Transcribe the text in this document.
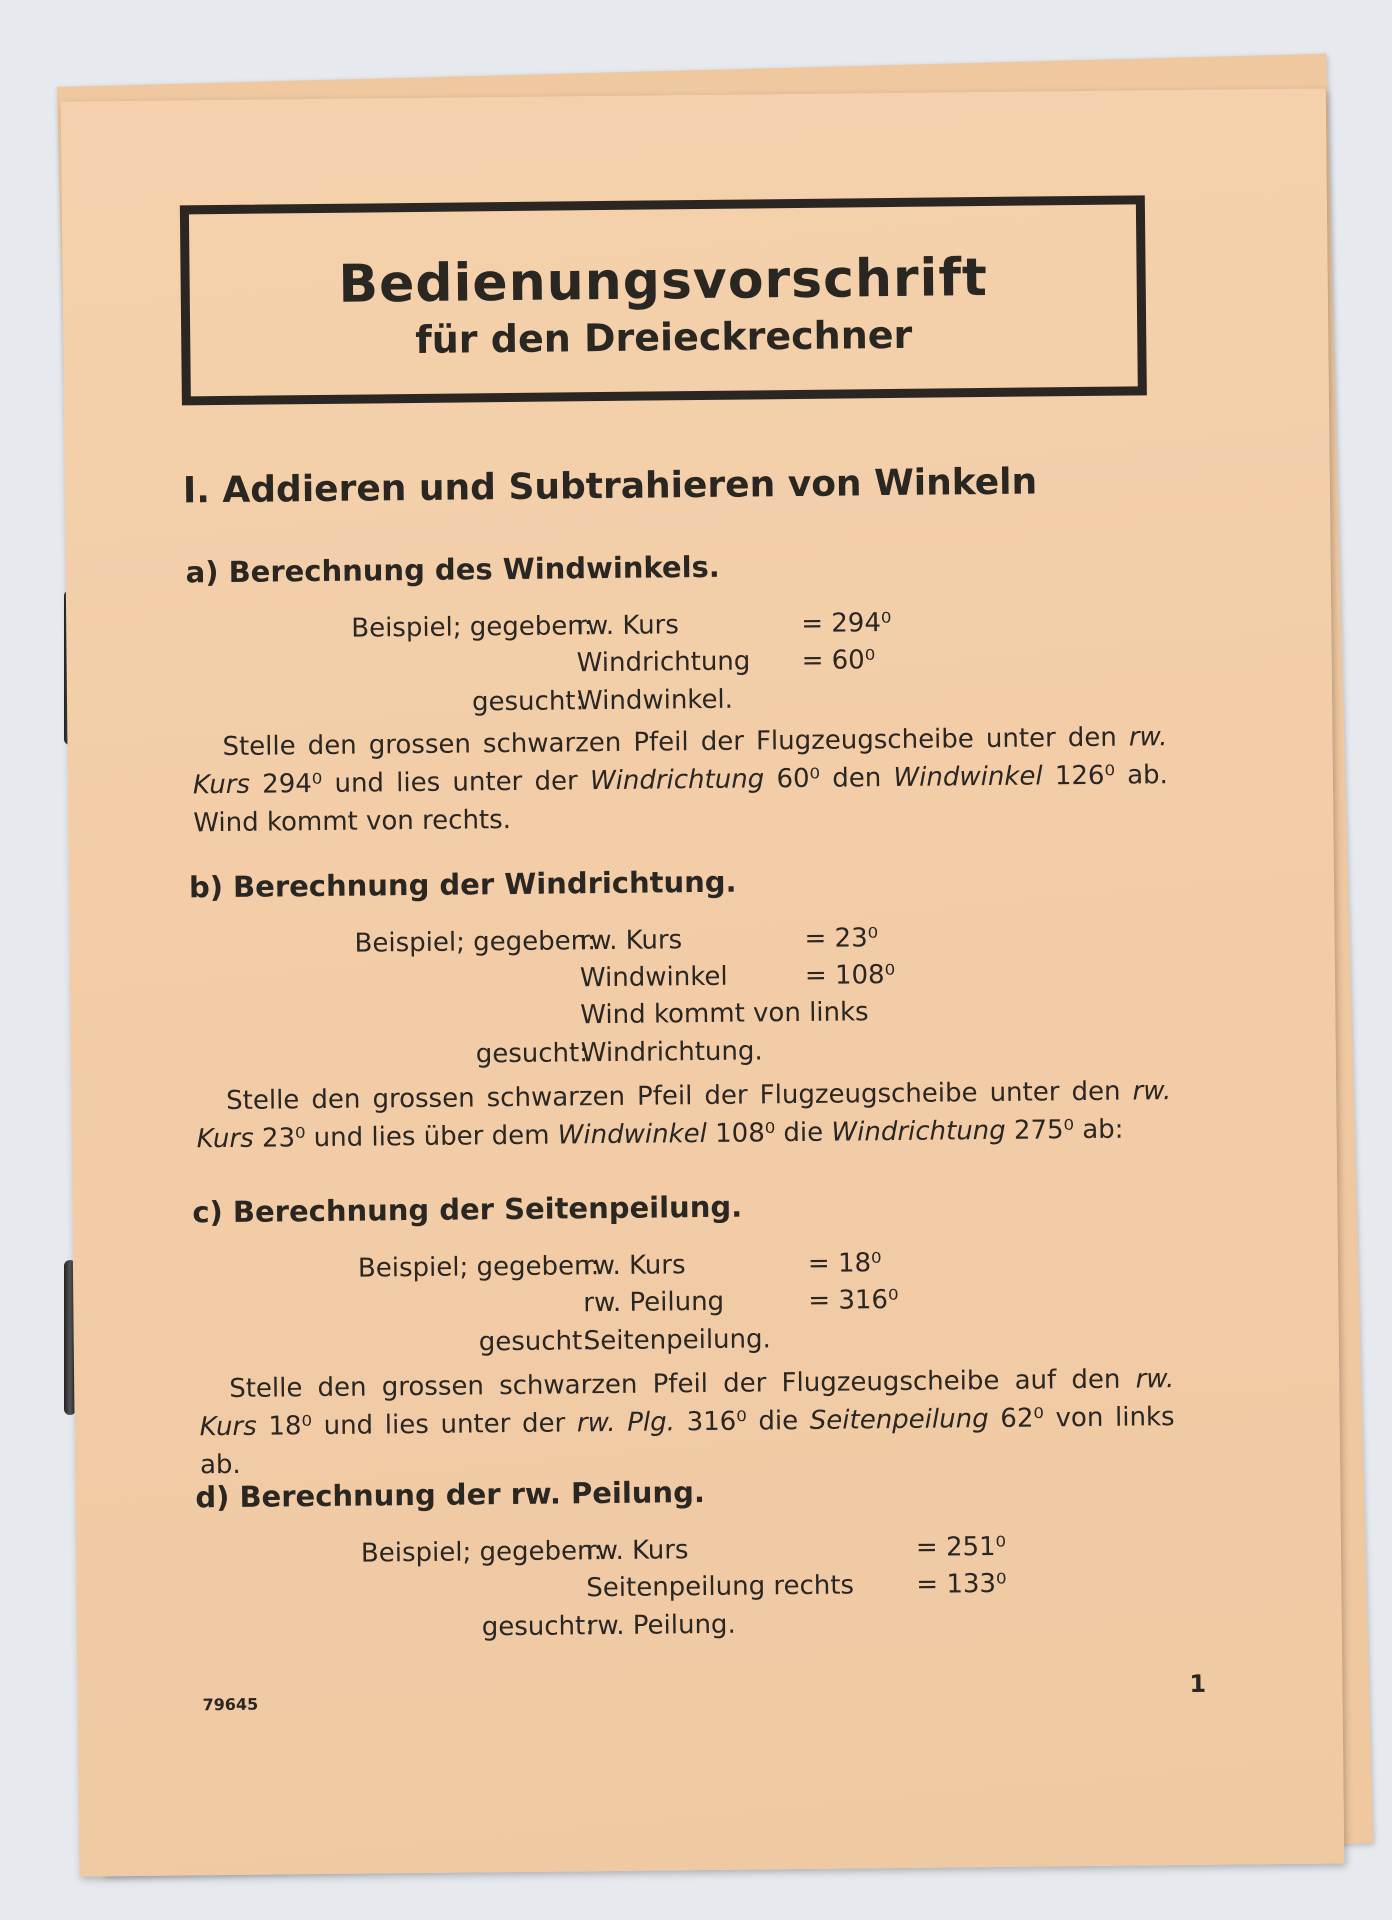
Bedienungsvorschrift
für den Dreieckrechner
I. Addieren und Subtrahieren von Winkeln
a) Berechnung des Windwinkels.
Beispiel; gegeben:
rw. Kurs	= 294⁰
Windrichtung = 60⁰
gesucht:
Windwinkel.
Stelle den grossen schwarzen Pfeil der Flugzeugscheibe unter den rw. Kurs 294⁰ und lies unter der Windrichtung 60⁰ den Windwinkel 126⁰ ab. Wind kommt von rechts.
b) Berechnung der Windrichtung.
Beispiel; gegeben:
rw. Kurs	= 23⁰
Windwinkel	= 108⁰
Wind kommt von links
gesucht:
Windrichtung.
Stelle den grossen schwarzen Pfeil der Flugzeugscheibe unter den rw. Kurs 23⁰ und lies über dem Windwinkel 108⁰ die Windrichtung 275⁰ ab:
c) Berechnung der Seitenpeilung.
Beispiel; gegeben:
rw. Kurs	= 18⁰
rw. Peilung	= 316⁰
gesucht:
Seitenpeilung.
Stelle den grossen schwarzen Pfeil der Flugzeugscheibe auf den rw. Kurs 18⁰ und lies unter der rw. Plg. 316⁰ die Seitenpeilung 62⁰ von links ab.
d) Berechnung der rw. Peilung.
Beispiel; gegeben:
rw. Kurs	= 251⁰
Seitenpeilung rechts = 133⁰
gesucht:
rw. Peilung.
79645
1
